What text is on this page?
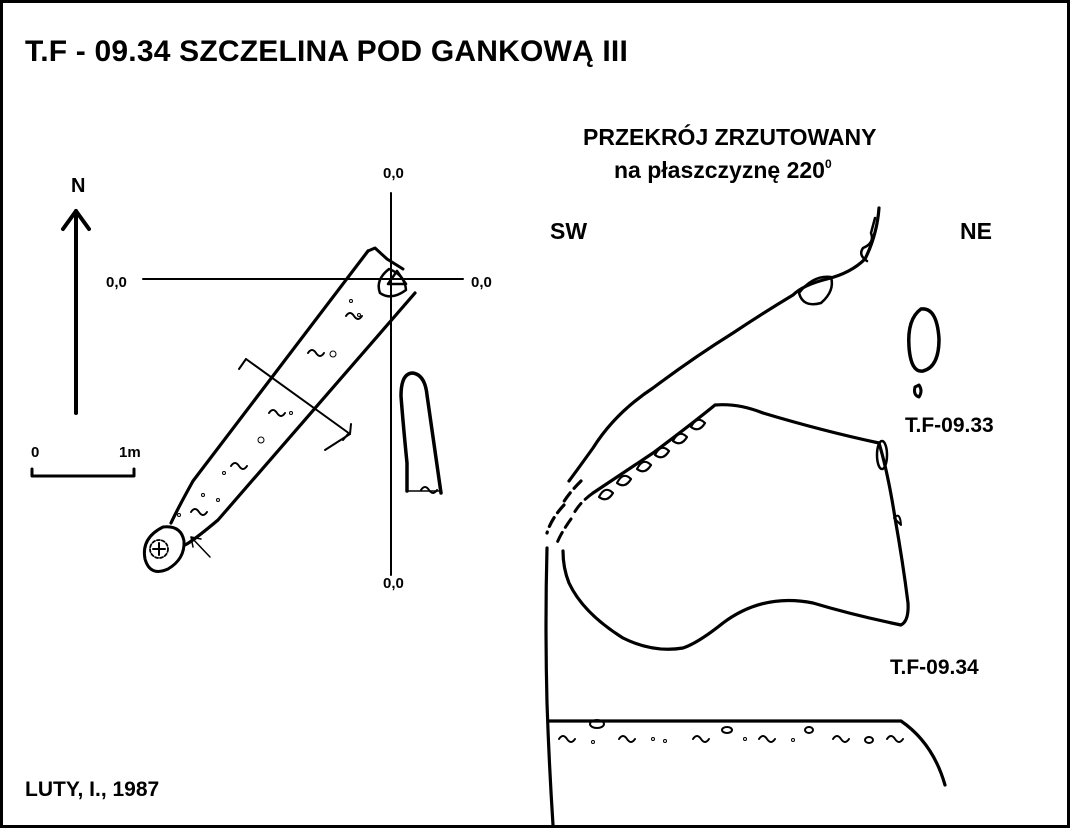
T.F - 09.34 SZCZELINA POD GANKOWĄ III
PRZEKRÓJ ZRZUTOWANY
na płaszczyznę $220^0$
SW	NE
T.F-09.33
T.F-09.34
N
0	1m
0,0
0,0	0,0
0,0
LUTY, I., 1987
